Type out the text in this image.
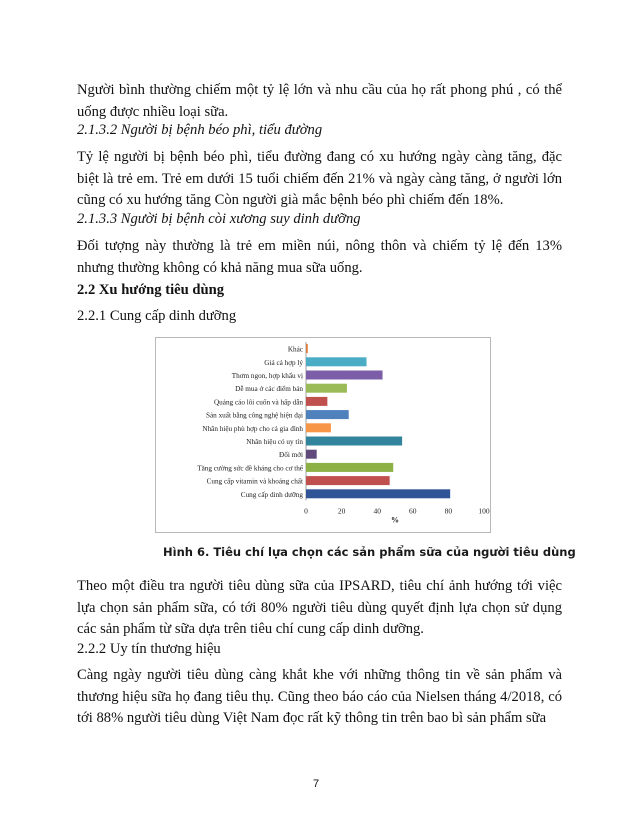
Người bình thường chiếm một tỷ lệ lớn và nhu cầu của họ rất phong phú , có thể uống được nhiều loại sữa.

2.1.3.2 Người bị bệnh béo phì, tiểu đường

Tỷ lệ người bị bệnh béo phì, tiểu đường đang có xu hướng ngày càng tăng, đặc biệt là trẻ em. Trẻ em dưới 15 tuổi chiếm đến 21% và ngày càng tăng, ở người lớn cũng có xu hướng tăng Còn người già mắc bệnh béo phì chiếm đến 18%.

2.1.3.3 Người bị bệnh còi xương suy dinh dưỡng

Đối tượng này thường là trẻ em miền núi, nông thôn và chiếm tỷ lệ đến 13% nhưng thường không có khả năng mua sữa uống.

2.2 Xu hướng tiêu dùng

2.2.1 Cung cấp dinh dưỡng

Khác
Giá cả hợp lý
Thơm ngon, hợp khẩu vị
Dễ mua ở các điểm bán
Quảng cáo lôi cuốn và hấp dẫn
Sản xuất bằng công nghệ hiện đại
Nhãn hiệu phù hợp cho cả gia đình
Nhãn hiệu có uy tín
Đổi mới
Tăng cường sức đề kháng cho cơ thể
Cung cấp vitamin và khoáng chất
Cung cấp dinh dưỡng
0	20	40	60	80	100
%
Hình 6. Tiêu chí lựa chọn các sản phẩm sữa của người tiêu dùng

Theo một điều tra người tiêu dùng sữa của IPSARD, tiêu chí ảnh hướng tới việc lựa chọn sản phẩm sữa, có tới 80% người tiêu dùng quyết định lựa chọn sử dụng các sản phẩm từ sữa dựa trên tiêu chí cung cấp dinh dưỡng.

2.2.2 Uy tín thương hiệu

Càng ngày người tiêu dùng càng khắt khe với những thông tin về sản phẩm và thương hiệu sữa họ đang tiêu thụ. Cũng theo báo cáo của Nielsen tháng 4/2018, có tới 88% người tiêu dùng Việt Nam đọc rất kỹ thông tin trên bao bì sản phẩm sữa

7
